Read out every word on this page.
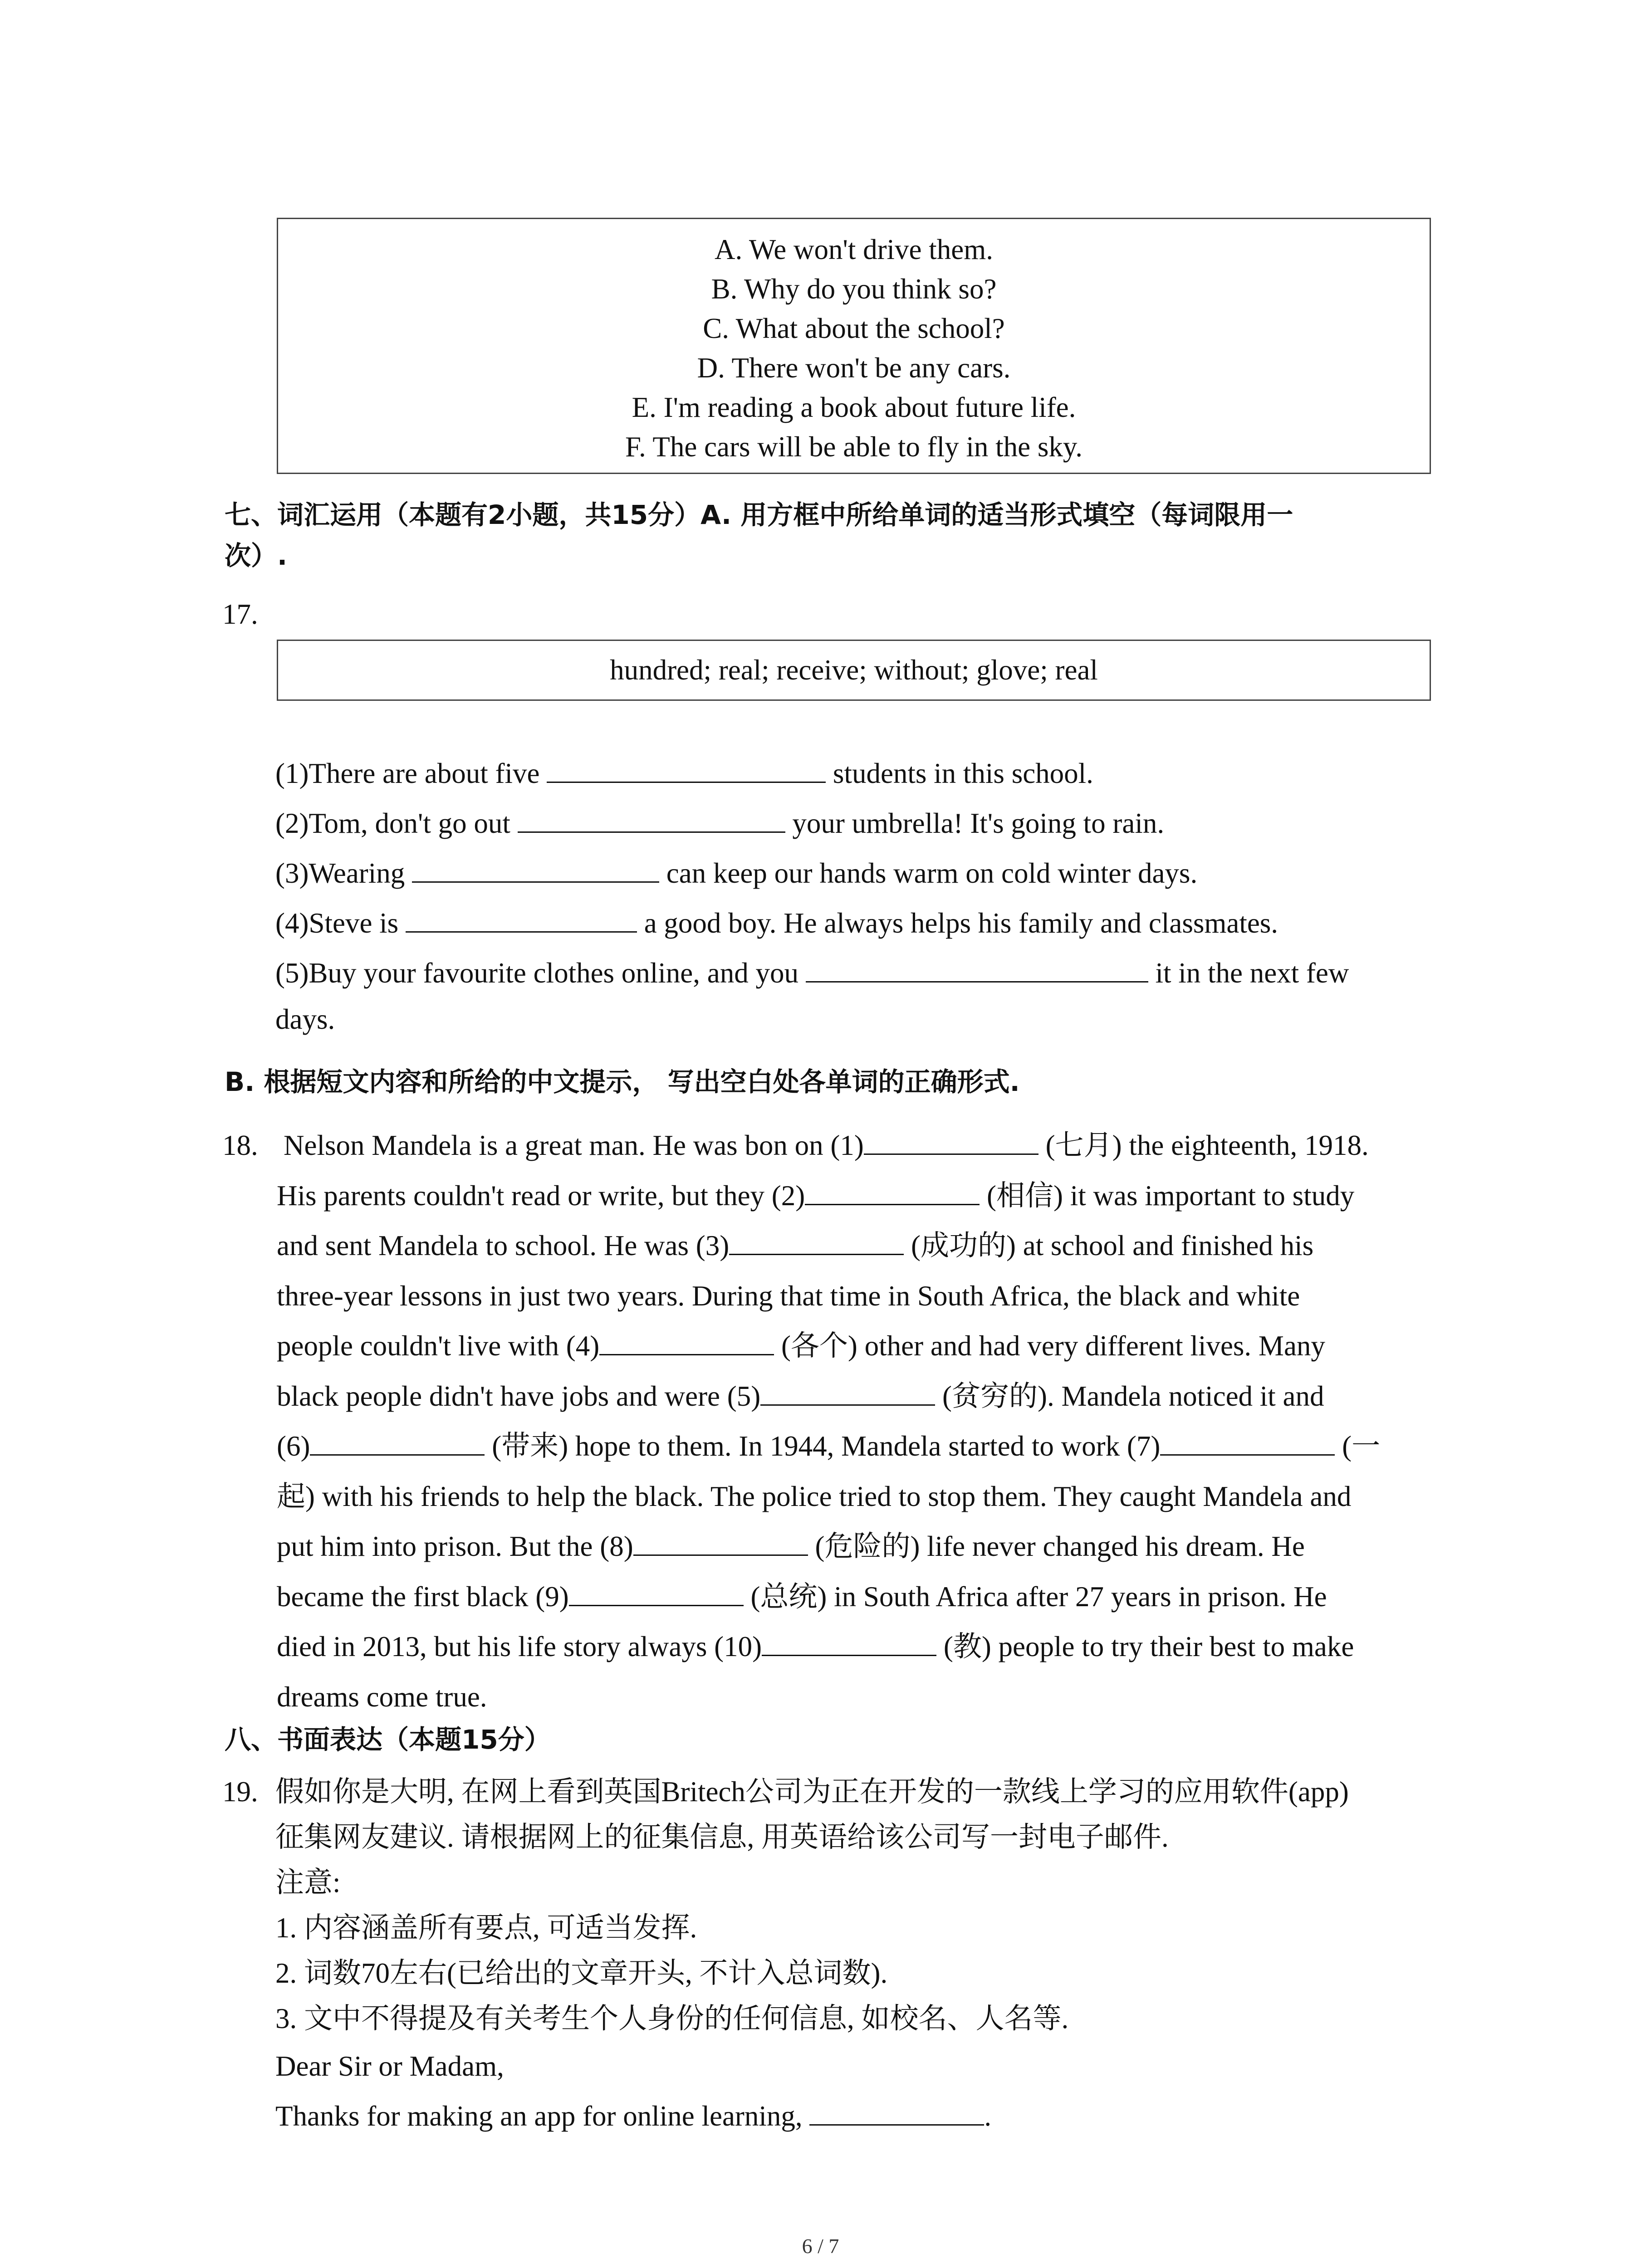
A. We won't drive them.
B. Why do you think so?
C. What about the school?
D. There won't be any cars.
E. I'm reading a book about future life.
F. The cars will be able to fly in the sky.
七、词汇运用（本题有2小题，共15分）A. 用方框中所给单词的适当形式填空（每词限用一
次）.
17.
hundred; real; receive; without; glove; real
(1)There are about five	students in this school.
(2)Tom, don't go out	your umbrella! It's going to rain.
(3)Wearing	can keep our hands warm on cold winter days.
(4)Steve is	a good boy. He always helps his family and classmates.
(5)Buy your favourite clothes online, and you	it in the next few
days.
B. 根据短文内容和所给的中文提示， 写出空白处各单词的正确形式.
18. Nelson Mandela is a great man. He was bon on (1)	(七月) the eighteenth, 1918.
His parents couldn't read or write, but they (2)	(相信) it was important to study
and sent Mandela to school. He was (3)	(成功的) at school and finished his
three-year lessons in just two years. During that time in South Africa, the black and white
people couldn't live with (4)	(各个) other and had very different lives. Many
black people didn't have jobs and were (5)	(贫穷的). Mandela noticed it and
(6)	(带来) hope to them. In 1944, Mandela started to work (7)	(一
起) with his friends to help the black. The police tried to stop them. They caught Mandela and
put him into prison. But the (8)	(危险的) life never changed his dream. He
became the first black (9)	(总统) in South Africa after 27 years in prison. He
died in 2013, but his life story always (10)	(教) people to try their best to make
dreams come true.
八、书面表达（本题15分）
19. 假如你是大明, 在网上看到英国Britech公司为正在开发的一款线上学习的应用软件(app)
征集网友建议. 请根据网上的征集信息, 用英语给该公司写一封电子邮件.
注意:
1. 内容涵盖所有要点, 可适当发挥.
2. 词数70左右(已给出的文章开头, 不计入总词数).
3. 文中不得提及有关考生个人身份的任何信息, 如校名、人名等.
Dear Sir or Madam,
Thanks for making an app for online learning,	.
6 / 7
